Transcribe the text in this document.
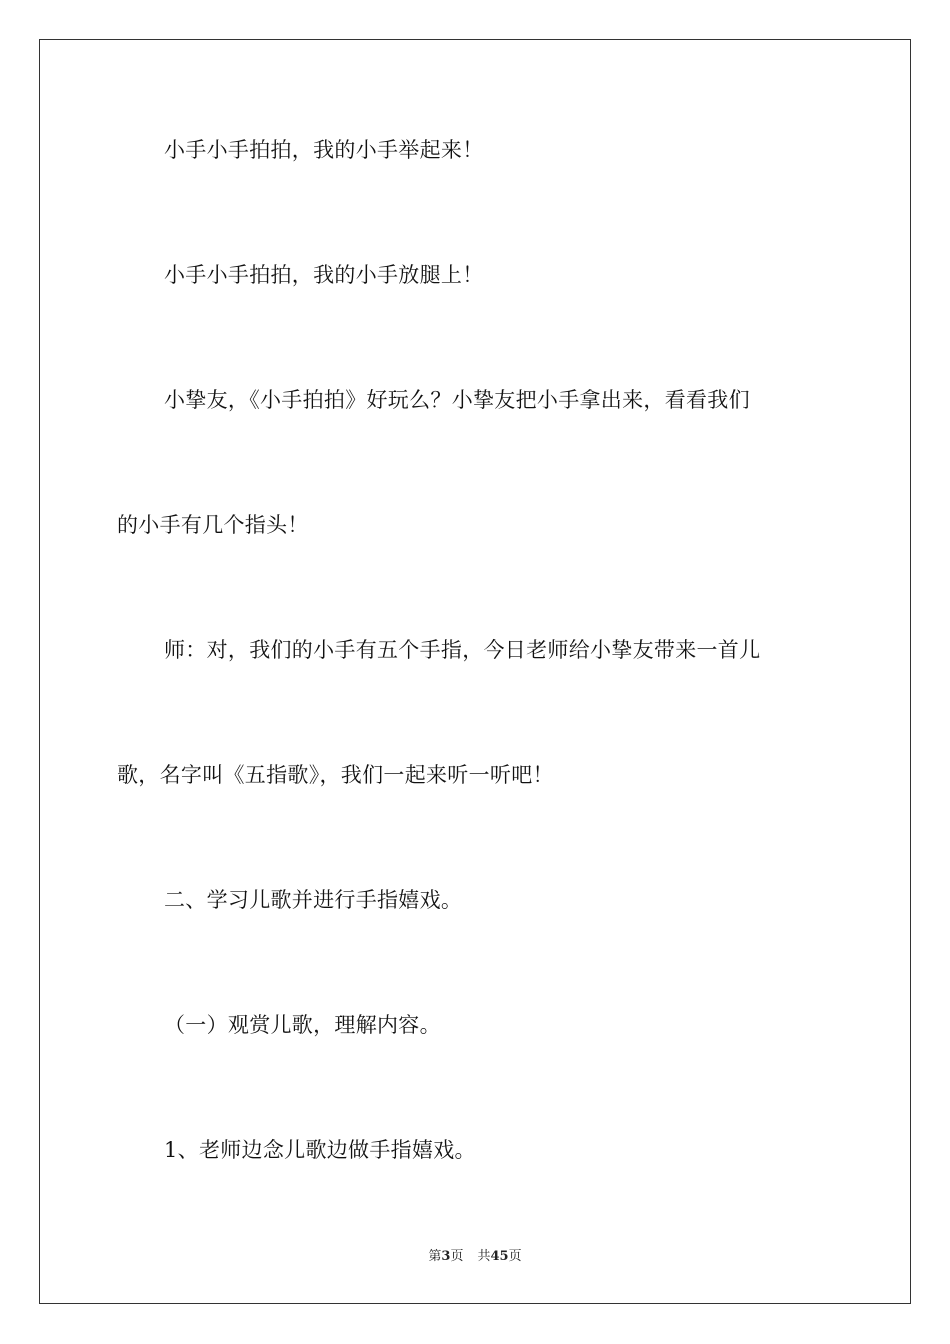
小手小手拍拍，我的小手举起来！
小手小手拍拍，我的小手放腿上！
小挚友，《小手拍拍》好玩么？小挚友把小手拿出来，看看我们
的小手有几个指头！
师：对，我们的小手有五个手指，今日老师给小挚友带来一首儿
歌，名字叫《五指歌》，我们一起来听一听吧！
二、学习儿歌并进行手指嬉戏。
（一）观赏儿歌，理解内容。
1、老师边念儿歌边做手指嬉戏。
第3页 共45页
